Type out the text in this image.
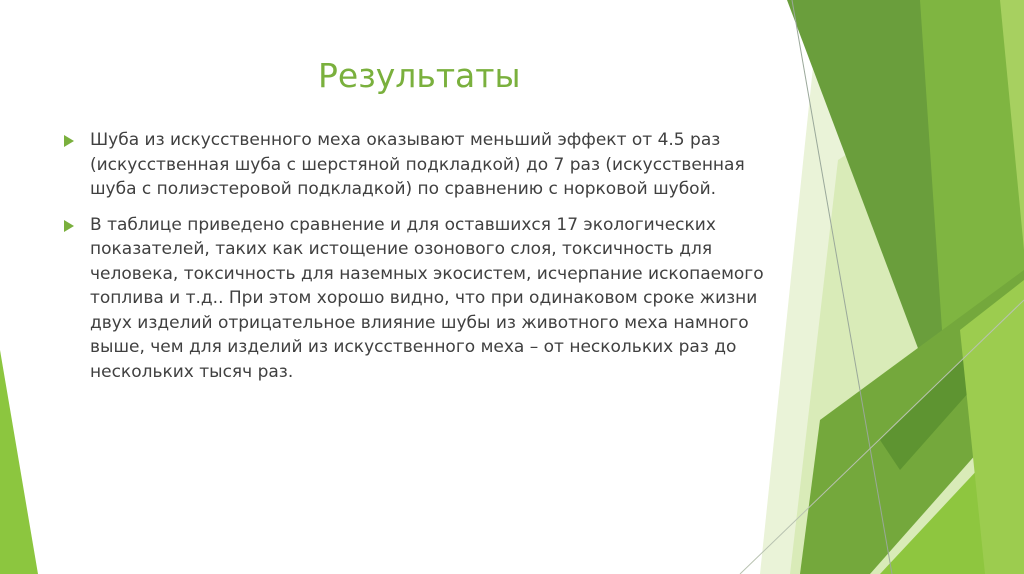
Результаты
Шуба из искусственного меха оказывают меньший эффект от 4.5 раз (искусственная шуба с шерстяной подкладкой) до 7 раз (искусственная шуба с полиэстеровой подкладкой) по сравнению с норковой шубой.
В таблице приведено сравнение и для оставшихся 17 экологических показателей, таких как истощение озонового слоя, токсичность для человека, токсичность для наземных экосистем, исчерпание ископаемого топлива и т.д.. При этом хорошо видно, что при одинаковом сроке жизни двух изделий отрицательное влияние шубы из животного меха намного выше, чем для изделий из искусственного меха – от нескольких раз до нескольких тысяч раз.
